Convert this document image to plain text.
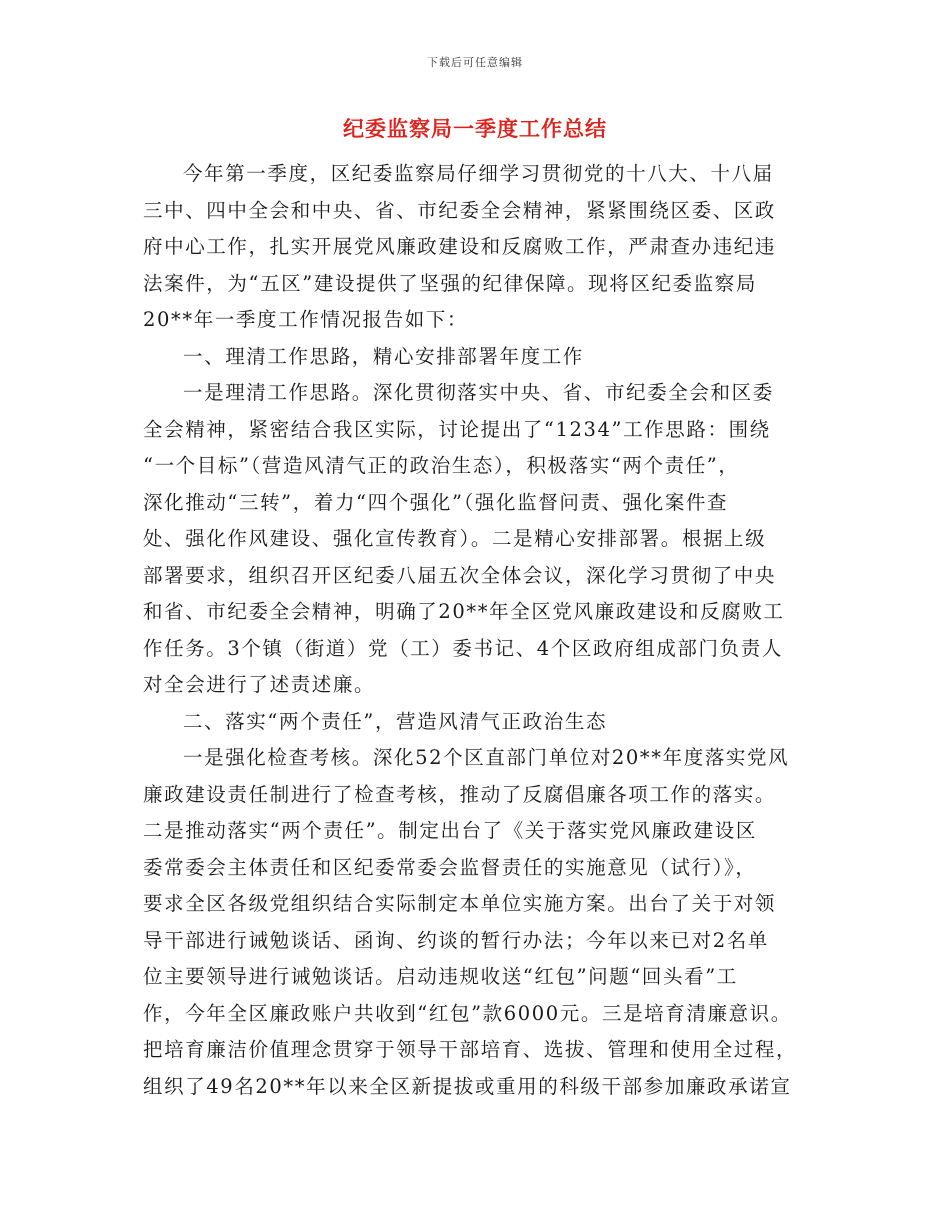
下载后可任意编辑
纪委监察局一季度工作总结
今年第一季度，区纪委监察局仔细学习贯彻党的十八大、十八届
三中、四中全会和中央、省、市纪委全会精神，紧紧围绕区委、区政
府中心工作，扎实开展党风廉政建设和反腐败工作，严肃查办违纪违
法案件，为“五区”建设提供了坚强的纪律保障。现将区纪委监察局
20**年一季度工作情况报告如下：
一、理清工作思路，精心安排部署年度工作
一是理清工作思路。深化贯彻落实中央、省、市纪委全会和区委
全会精神，紧密结合我区实际，讨论提出了“1234”工作思路：围绕
“一个目标”（营造风清气正的政治生态），积极落实“两个责任”，
深化推动“三转”，着力“四个强化”（强化监督问责、强化案件查
处、强化作风建设、强化宣传教育）。二是精心安排部署。根据上级
部署要求，组织召开区纪委八届五次全体会议，深化学习贯彻了中央
和省、市纪委全会精神，明确了20**年全区党风廉政建设和反腐败工
作任务。3个镇（街道）党（工）委书记、4个区政府组成部门负责人
对全会进行了述责述廉。
二、落实“两个责任”，营造风清气正政治生态
一是强化检查考核。深化52个区直部门单位对20**年度落实党风
廉政建设责任制进行了检查考核，推动了反腐倡廉各项工作的落实。
二是推动落实“两个责任”。制定出台了《关于落实党风廉政建设区
委常委会主体责任和区纪委常委会监督责任的实施意见（试行）》，
要求全区各级党组织结合实际制定本单位实施方案。出台了关于对领
导干部进行诫勉谈话、函询、约谈的暂行办法；今年以来已对2名单
位主要领导进行诫勉谈话。启动违规收送“红包”问题“回头看”工
作，今年全区廉政账户共收到“红包”款6000元。三是培育清廉意识。
把培育廉洁价值理念贯穿于领导干部培育、选拔、管理和使用全过程，
组织了49名20**年以来全区新提拔或重用的科级干部参加廉政承诺宣
